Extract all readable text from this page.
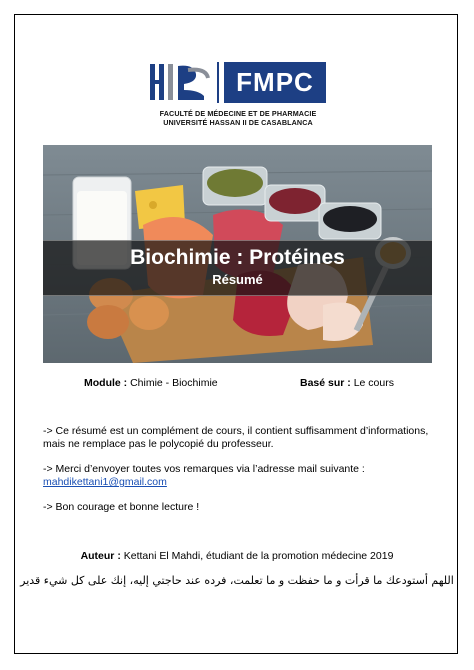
FMPC
FACULTÉ DE MÉDECINE ET DE PHARMACIE
UNIVERSITÉ HASSAN II DE CASABLANCA
Biochimie : Protéines
Résumé
Module : Chimie - Biochimie	Basé sur : Le cours
-> Ce résumé est un complément de cours, il contient suffisamment d’informations, mais ne remplace pas le polycopié du professeur.
-> Merci d’envoyer toutes vos remarques via l’adresse mail suivante :
mahdikettani1@gmail.com
-> Bon courage et bonne lecture !
Auteur : Kettani El Mahdi, étudiant de la promotion médecine 2019
اللهم أستودعك ما قرأت و ما حفظت و ما تعلمت، فرده عند حاجتي إليه، إنك على كل شيء قدير
